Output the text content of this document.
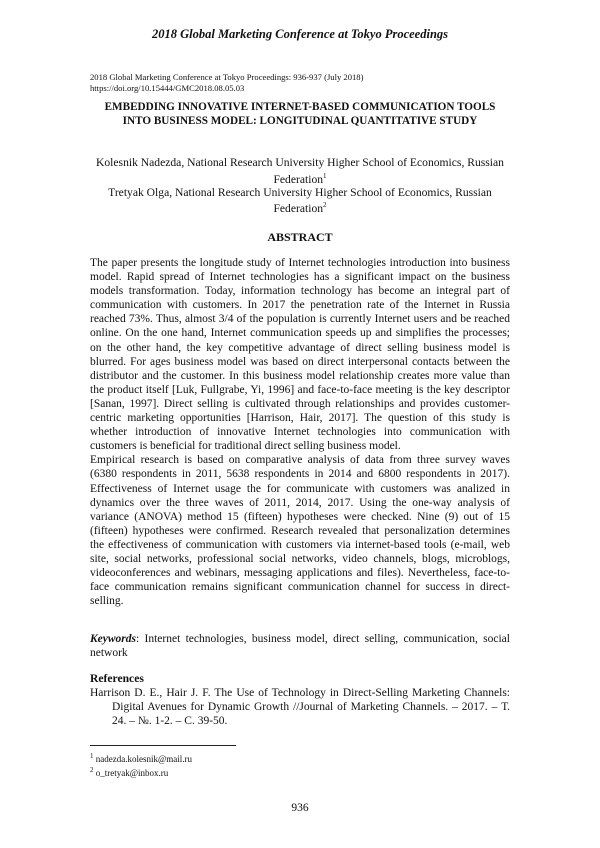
2018 Global Marketing Conference at Tokyo Proceedings
2018 Global Marketing Conference at Tokyo Proceedings: 936-937 (July 2018)
https://doi.org/10.15444/GMC2018.08.05.03
EMBEDDING INNOVATIVE INTERNET-BASED COMMUNICATION TOOLS INTO BUSINESS MODEL: LONGITUDINAL QUANTITATIVE STUDY
Kolesnik Nadezda, National Research University Higher School of Economics, Russian Federation$^1$
Tretyak Olga, National Research University Higher School of Economics, Russian Federation$^2$
ABSTRACT

The paper presents the longitude study of Internet technologies introduction into business model. Rapid spread of Internet technologies has a significant impact on the business models transformation. Today, information technology has become an integral part of communication with customers. In 2017 the penetration rate of the Internet in Russia reached 73%. Thus, almost 3/4 of the population is currently Internet users and be reached online. On the one hand, Internet communication speeds up and simplifies the processes; on the other hand, the key competitive advantage of direct selling business model is blurred. For ages business model was based on direct interpersonal contacts between the distributor and the customer. In this business model relationship creates more value than the product itself [Luk, Fullgrabe, Yi, 1996] and face-to-face meeting is the key descriptor [Sanan, 1997]. Direct selling is cultivated through relationships and provides customer-centric marketing opportunities [Harrison, Hair, 2017]. The question of this study is whether introduction of innovative Internet technologies into communication with customers is beneficial for traditional direct selling business model.

Empirical research is based on comparative analysis of data from three survey waves (6380 respondents in 2011, 5638 respondents in 2014 and 6800 respondents in 2017). Effectiveness of Internet usage the for communicate with customers was analized in dynamics over the three waves of 2011, 2014, 2017. Using the one-way analysis of variance (ANOVA) method 15 (fifteen) hypotheses were checked. Nine (9) out of 15 (fifteen) hypotheses were confirmed. Research revealed that personalization determines the effectiveness of communication with customers via internet-based tools (e-mail, web site, social networks, professional social networks, video channels, blogs, microblogs, videoconferences and webinars, messaging applications and files). Nevertheless, face-to-face communication remains significant communication channel for success in direct-selling.

Keywords: Internet technologies, business model, direct selling, communication, social network
References
Harrison D. E., Hair J. F. The Use of Technology in Direct-Selling Marketing Channels: Digital Avenues for Dynamic Growth //Journal of Marketing Channels. – 2017. – Т. 24. – №. 1-2. – С. 39-50.
$^1$ nadezda.kolesnik@mail.ru
$^2$ o_tretyak@inbox.ru
936
